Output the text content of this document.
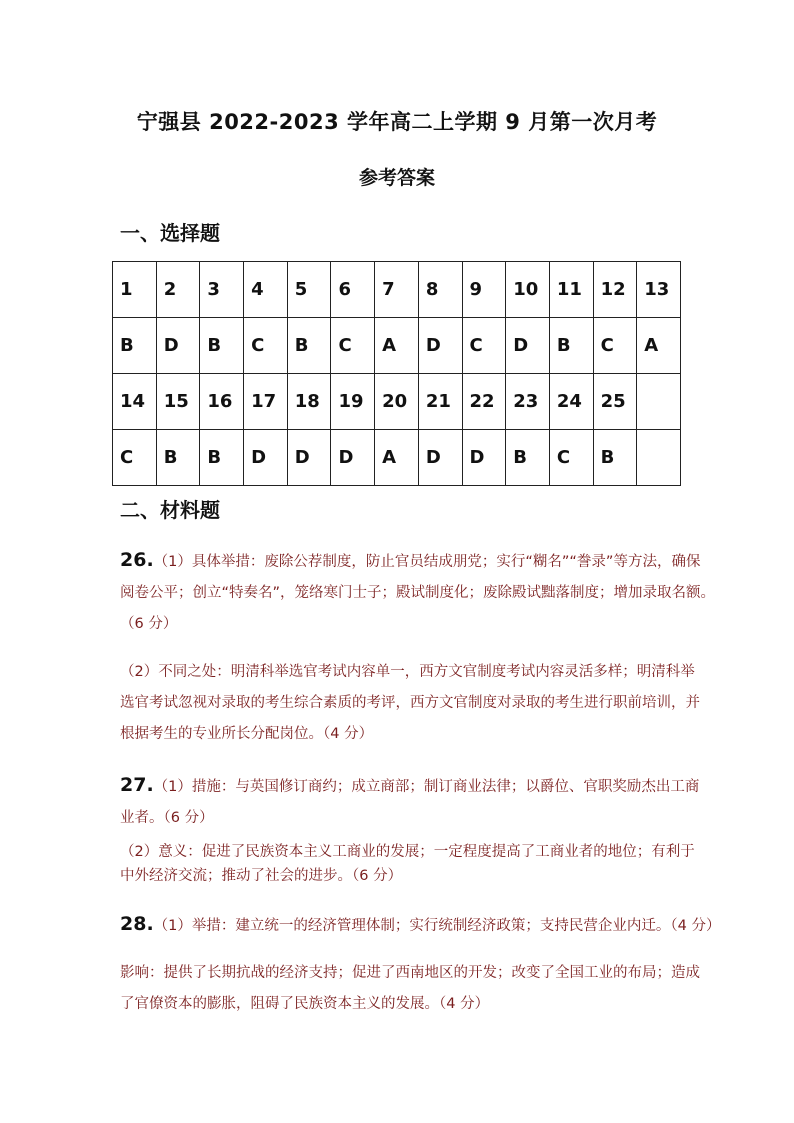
宁强县 2022-2023 学年高二上学期 9 月第一次月考
参考答案
一、选择题
1	2	3	4	5	6	7	8	9	10	11	12	13
B	D	B	C	B	C	A	D	C	D	B	C	A
14	15	16	17	18	19	20	21	22	23	24	25	
C	B	B	D	D	D	A	D	D	B	C	B	
二、材料题
26.（1）具体举措：废除公荐制度，防止官员结成朋党；实行“糊名”“誊录”等方法，确保
阅卷公平；创立“特奏名”，笼络寒门士子；殿试制度化；废除殿试黜落制度；增加录取名额。
（6 分）
（2）不同之处：明清科举选官考试内容单一，西方文官制度考试内容灵活多样；明清科举
选官考试忽视对录取的考生综合素质的考评，西方文官制度对录取的考生进行职前培训，并
根据考生的专业所长分配岗位。（4 分）
27.（1）措施：与英国修订商约；成立商部；制订商业法律；以爵位、官职奖励杰出工商
业者。（6 分）
（2）意义：促进了民族资本主义工商业的发展；一定程度提高了工商业者的地位；有利于
中外经济交流；推动了社会的进步。（6 分）
28.（1）举措：建立统一的经济管理体制；实行统制经济政策；支持民营企业内迁。（4 分）
影响：提供了长期抗战的经济支持；促进了西南地区的开发；改变了全国工业的布局；造成
了官僚资本的膨胀，阻碍了民族资本主义的发展。（4 分）
